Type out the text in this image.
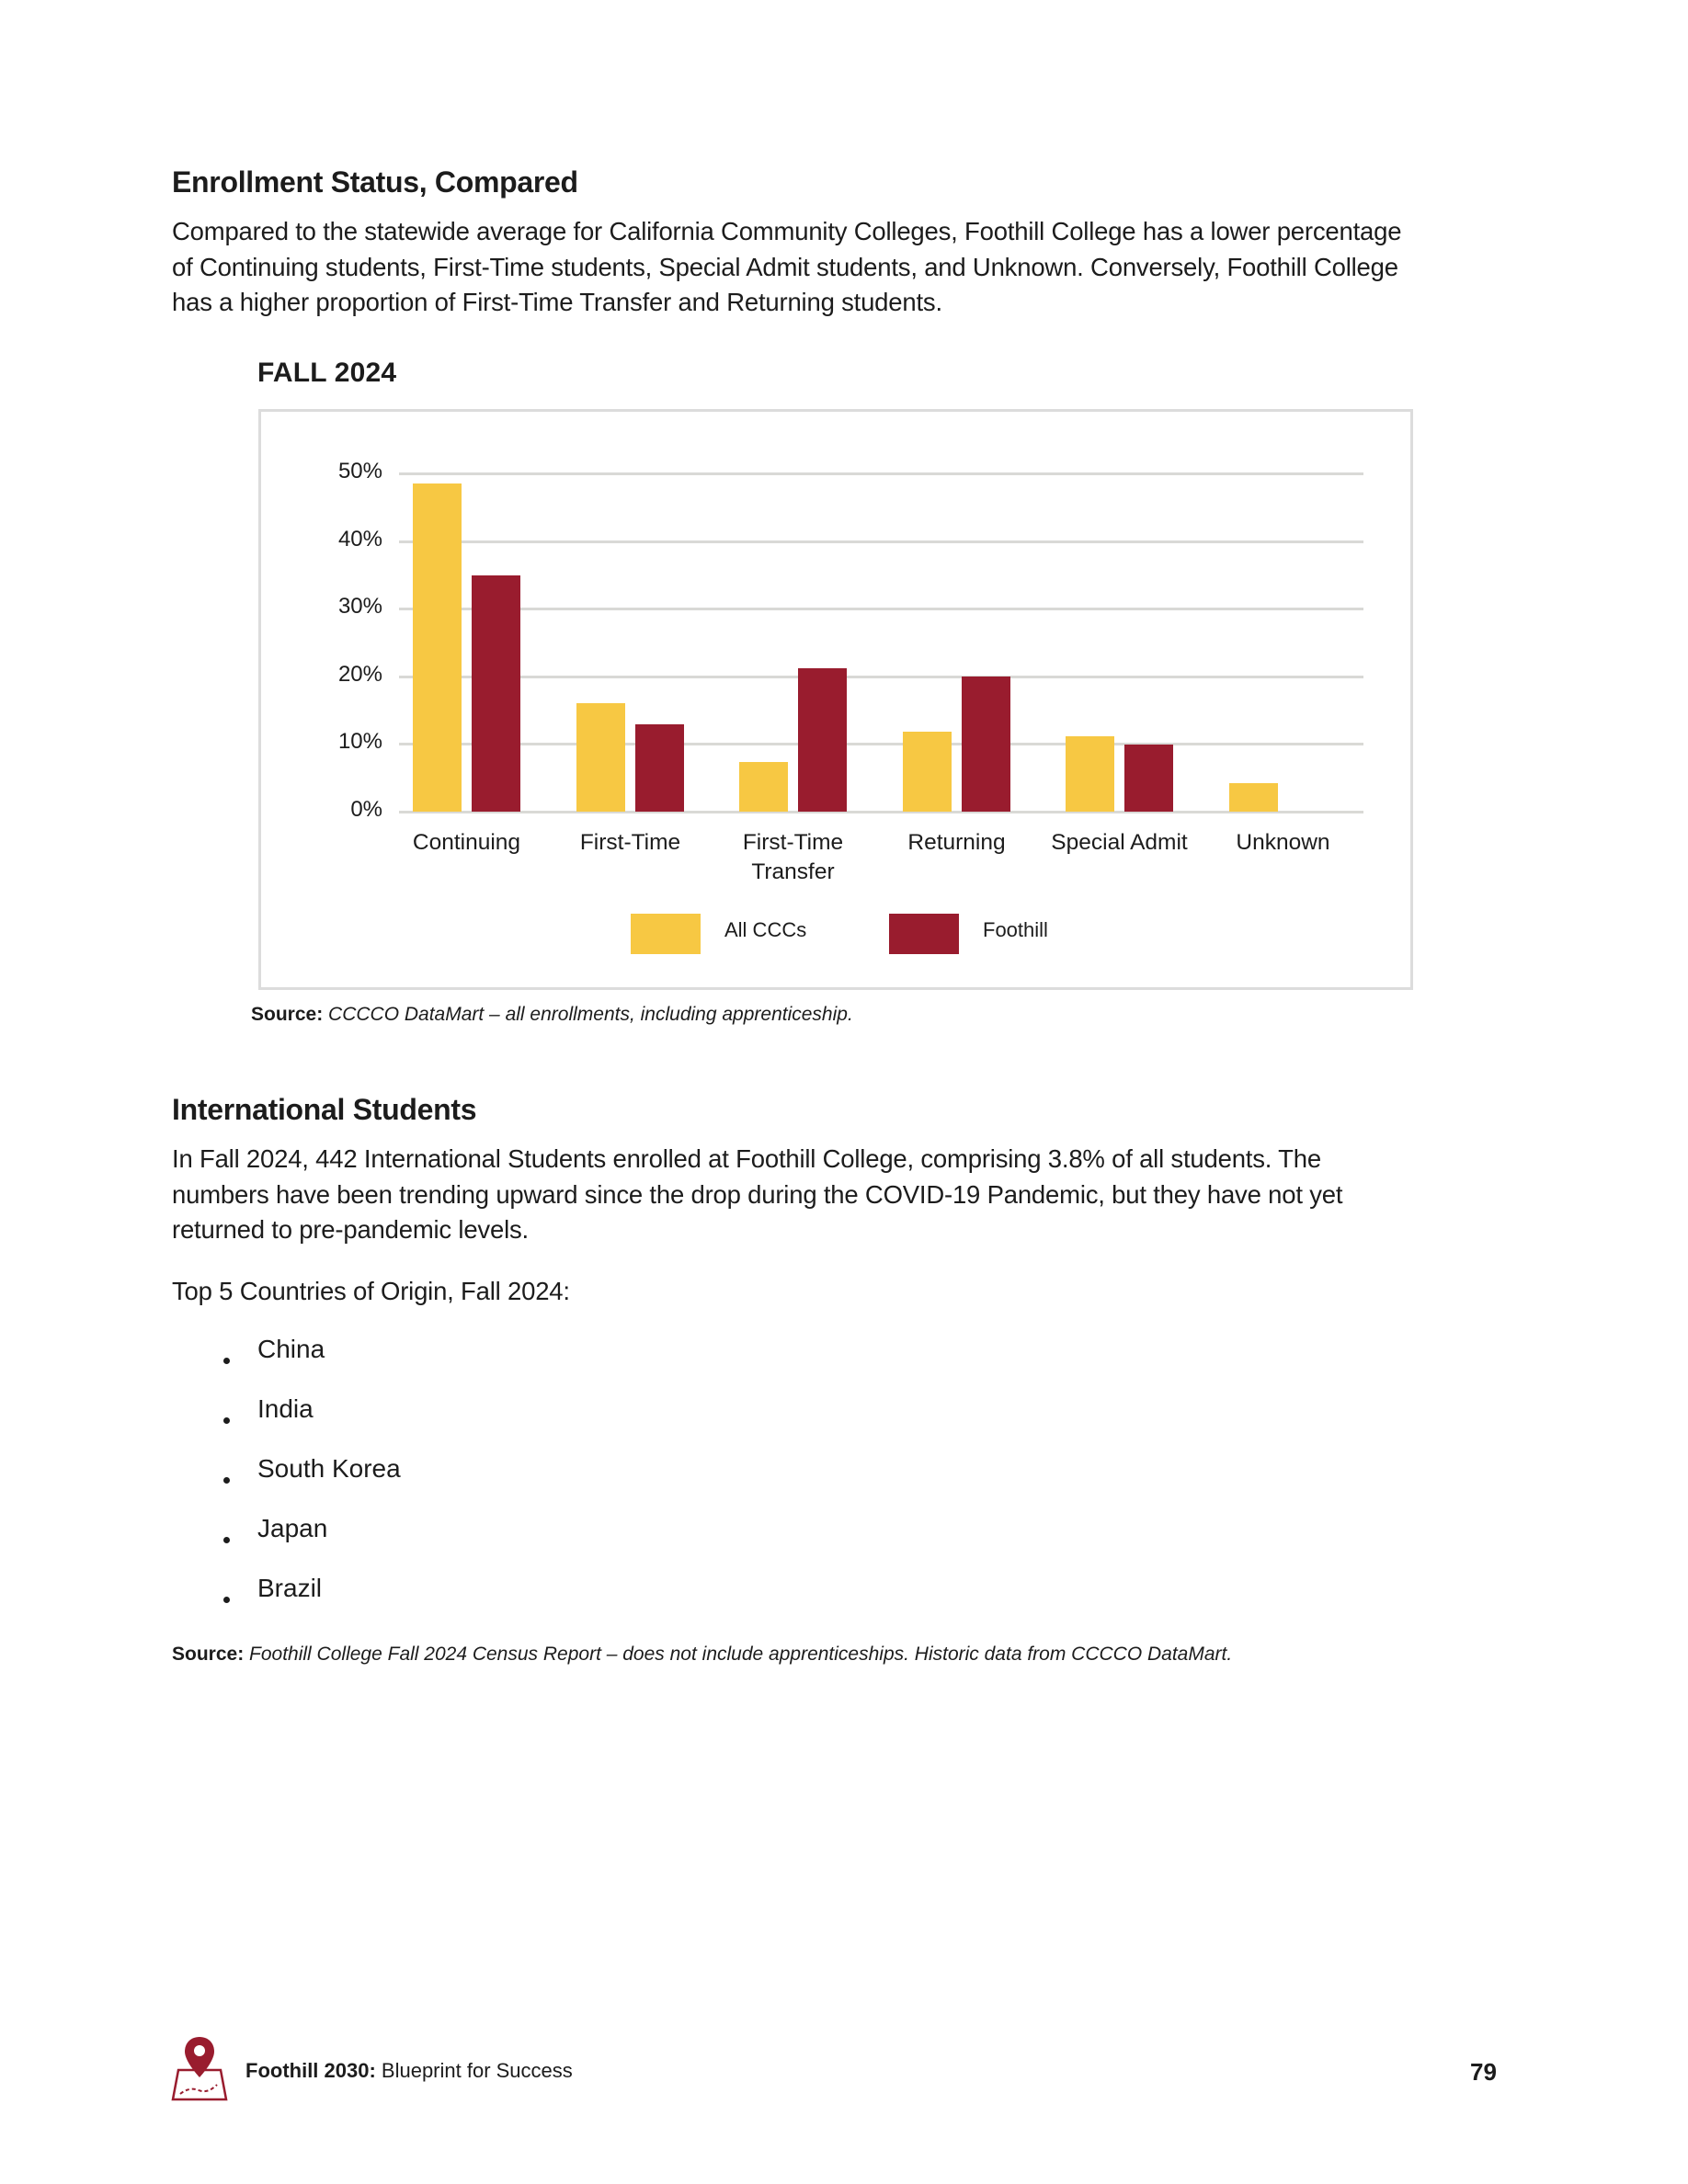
Enrollment Status, Compared
Compared to the statewide average for California Community Colleges, Foothill College has a lower percentage
of Continuing students, First-Time students, Special Admit students, and Unknown. Conversely, Foothill College
has a higher proportion of First-Time Transfer and Returning students.
FALL 2024
0%
10%
20%
30%
40%
50%
Continuing	First-Time	First-Time
Transfer
Returning	Special Admit	Unknown
All CCCs	Foothill
Source: CCCCO DataMart – all enrollments, including apprenticeship.
International Students
In Fall 2024, 442 International Students enrolled at Foothill College, comprising 3.8% of all students. The
numbers have been trending upward since the drop during the COVID-19 Pandemic, but they have not yet
returned to pre-pandemic levels.
Top 5 Countries of Origin, Fall 2024:
China
India
South Korea
Japan
Brazil
Source: Foothill College Fall 2024 Census Report – does not include apprenticeships. Historic data from CCCCO DataMart.
Foothill 2030: Blueprint for Success	79
